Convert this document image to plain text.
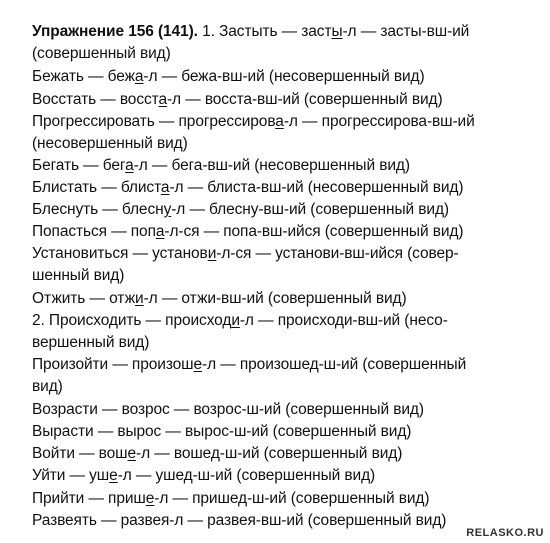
Упражнение 156 (141). 1. Застыть — засты-л — засты-вш-ий
(совершенный вид)
Бежать — бежа-л — бежа-вш-ий (несовершенный вид)
Восстать — восста-л — восста-вш-ий (совершенный вид)
Прогрессировать — прогрессирова-л — прогрессирова-вш-ий
(несовершенный вид)
Бегать — бега-л — бега-вш-ий (несовершенный вид)
Блистать — блиста-л — блиста-вш-ий (несовершенный вид)
Блеснуть — блесну-л — блесну-вш-ий (совершенный вид)
Попасться — попа-л-ся — попа-вш-ийся (совершенный вид)
Установиться — установи-л-ся — установи-вш-ийся (совер-
шенный вид)
Отжить — отжи-л — отжи-вш-ий (совершенный вид)
2. Происходить — происходи-л — происходи-вш-ий (несо-
вершенный вид)
Произойти — произоше-л — произошед-ш-ий (совершенный
вид)
Возрасти — возрос — возрос-ш-ий (совершенный вид)
Вырасти — вырос — вырос-ш-ий (совершенный вид)
Войти — воше-л — вошед-ш-ий (совершенный вид)
Уйти — уше-л — ушед-ш-ий (совершенный вид)
Прийти — прише-л — пришед-ш-ий (совершенный вид)
Развеять — развея-л — развея-вш-ий (совершенный вид)
RELASKO.RU
